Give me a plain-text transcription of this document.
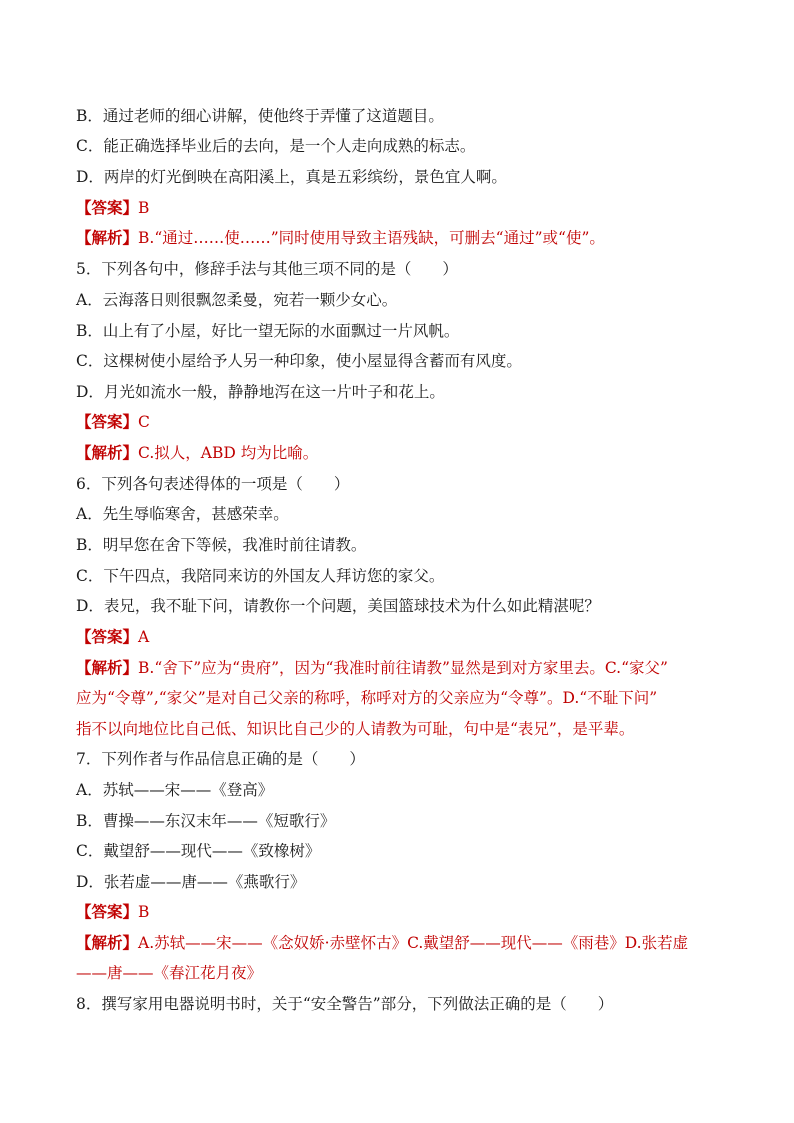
B．通过老师的细心讲解，使他终于弄懂了这道题目。
C．能正确选择毕业后的去向，是一个人走向成熟的标志。
D．两岸的灯光倒映在高阳溪上，真是五彩缤纷，景色宜人啊。
【答案】B
【解析】B.“通过……使……”同时使用导致主语残缺，可删去“通过”或“使”。
5．下列各句中，修辞手法与其他三项不同的是（　　）
A．云海落日则很飘忽柔曼，宛若一颗少女心。
B．山上有了小屋，好比一望无际的水面飘过一片风帆。
C．这棵树使小屋给予人另一种印象，使小屋显得含蓄而有风度。
D．月光如流水一般，静静地泻在这一片叶子和花上。
【答案】C
【解析】C.拟人，ABD 均为比喻。
6．下列各句表述得体的一项是（　　）
A．先生辱临寒舍，甚感荣幸。
B．明早您在舍下等候，我准时前往请教。
C．下午四点，我陪同来访的外国友人拜访您的家父。
D．表兄，我不耻下问，请教你一个问题，美国篮球技术为什么如此精湛呢？
【答案】A
【解析】B.“舍下”应为“贵府”，因为“我准时前往请教”显然是到对方家里去。C.“家父”
应为“令尊”,“家父”是对自己父亲的称呼，称呼对方的父亲应为“令尊”。D.“不耻下问”
指不以向地位比自己低、知识比自己少的人请教为可耻，句中是“表兄”，是平辈。
7．下列作者与作品信息正确的是（　　）
A．苏轼——宋——《登高》
B．曹操——东汉末年——《短歌行》
C．戴望舒——现代——《致橡树》
D．张若虚——唐——《燕歌行》
【答案】B
【解析】A.苏轼——宋——《念奴娇·赤壁怀古》C.戴望舒——现代——《雨巷》D.张若虚
——唐——《春江花月夜》
8．撰写家用电器说明书时，关于“安全警告”部分，下列做法正确的是（　　）
